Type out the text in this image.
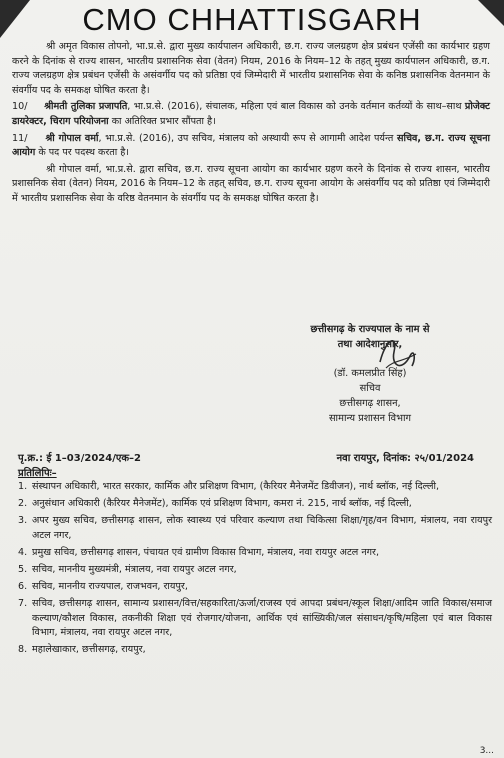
CMO CHHATTISGARH

श्री अमृत विकास तोपनो, भा.प्र.से. द्वारा मुख्य कार्यपालन अधिकारी, छ.ग. राज्य जलग्रहण क्षेत्र प्रबंधन एजेंसी का कार्यभार ग्रहण करने के दिनांक से राज्य शासन, भारतीय प्रशासनिक सेवा (वेतन) नियम, 2016 के नियम–12 के तहत् मुख्य कार्यपालन अधिकारी, छ.ग. राज्य जलग्रहण क्षेत्र प्रबंधन एजेंसी के असंवर्गीय पद को प्रतिष्ठा एवं जिम्मेदारी में भारतीय प्रशासनिक सेवा के कनिष्ठ प्रशासनिक वेतनमान के संवर्गीय पद के समकक्ष घोषित करता है।

10/ श्रीमती तुलिका प्रजापति, भा.प्र.से. (2016), संचालक, महिला एवं बाल विकास को उनके वर्तमान कर्तव्यों के साथ–साथ प्रोजेक्ट डायरेक्टर, चिराग परियोजना का अतिरिक्त प्रभार सौंपता है।

11/ श्री गोपाल वर्मा, भा.प्र.से. (2016), उप सचिव, मंत्रालय को अस्थायी रूप से आगामी आदेश पर्यन्त सचिव, छ.ग. राज्य सूचना आयोग के पद पर पदस्थ करता है।

श्री गोपाल वर्मा, भा.प्र.से. द्वारा सचिव, छ.ग. राज्य सूचना आयोग का कार्यभार ग्रहण करने के दिनांक से राज्य शासन, भारतीय प्रशासनिक सेवा (वेतन) नियम, 2016 के नियम–12 के तहत् सचिव, छ.ग. राज्य सूचना आयोग के असंवर्गीय पद को प्रतिष्ठा एवं जिम्मेदारी में भारतीय प्रशासनिक सेवा के वरिष्ठ वेतनमान के संवर्गीय पद के समकक्ष घोषित करता है।

छत्तीसगढ़ के राज्यपाल के नाम से
तथा आदेशानुसार,
(डॉ. कमलप्रीत सिंह)
सचिव
छत्तीसगढ़ शासन,
सामान्य प्रशासन विभाग
पृ.क्र.: ई 1–03/2024/एक–2	नवा रायपुर, दिनांक: २५/01/2024
प्रतिलिपिः–
1. संस्थापन अधिकारी, भारत सरकार, कार्मिक और प्रशिक्षण विभाग, (कैरियर मैनेजमेंट डिवीजन), नार्थ ब्लॉक, नई दिल्ली,
2. अनुसंधान अधिकारी (कैरियर मैनेजमेंट), कार्मिक एवं प्रशिक्षण विभाग, कमरा नं. 215, नार्थ ब्लॉक, नई दिल्ली,
3. अपर मुख्य सचिव, छत्तीसगढ़ शासन, लोक स्वास्थ्य एवं परिवार कल्याण तथा चिकित्सा शिक्षा/गृह/वन विभाग, मंत्रालय, नवा रायपुर अटल नगर,
4. प्रमुख सचिव, छत्तीसगढ़ शासन, पंचायत एवं ग्रामीण विकास विभाग, मंत्रालय, नवा रायपुर अटल नगर,
5. सचिव, माननीय मुख्यमंत्री, मंत्रालय, नवा रायपुर अटल नगर,
6. सचिव, माननीय राज्यपाल, राजभवन, रायपुर,
7. सचिव, छत्तीसगढ़ शासन, सामान्य प्रशासन/वित्त/सहकारिता/ऊर्जा/राजस्व एवं आपदा प्रबंधन/स्कूल शिक्षा/आदिम जाति विकास/समाज कल्याण/कौशल विकास, तकनीकी शिक्षा एवं रोजगार/योजना, आर्थिक एवं सांख्यिकी/जल संसाधन/कृषि/महिला एवं बाल विकास विभाग, मंत्रालय, नवा रायपुर अटल नगर,
8. महालेखाकार, छत्तीसगढ़, रायपुर,
3...
